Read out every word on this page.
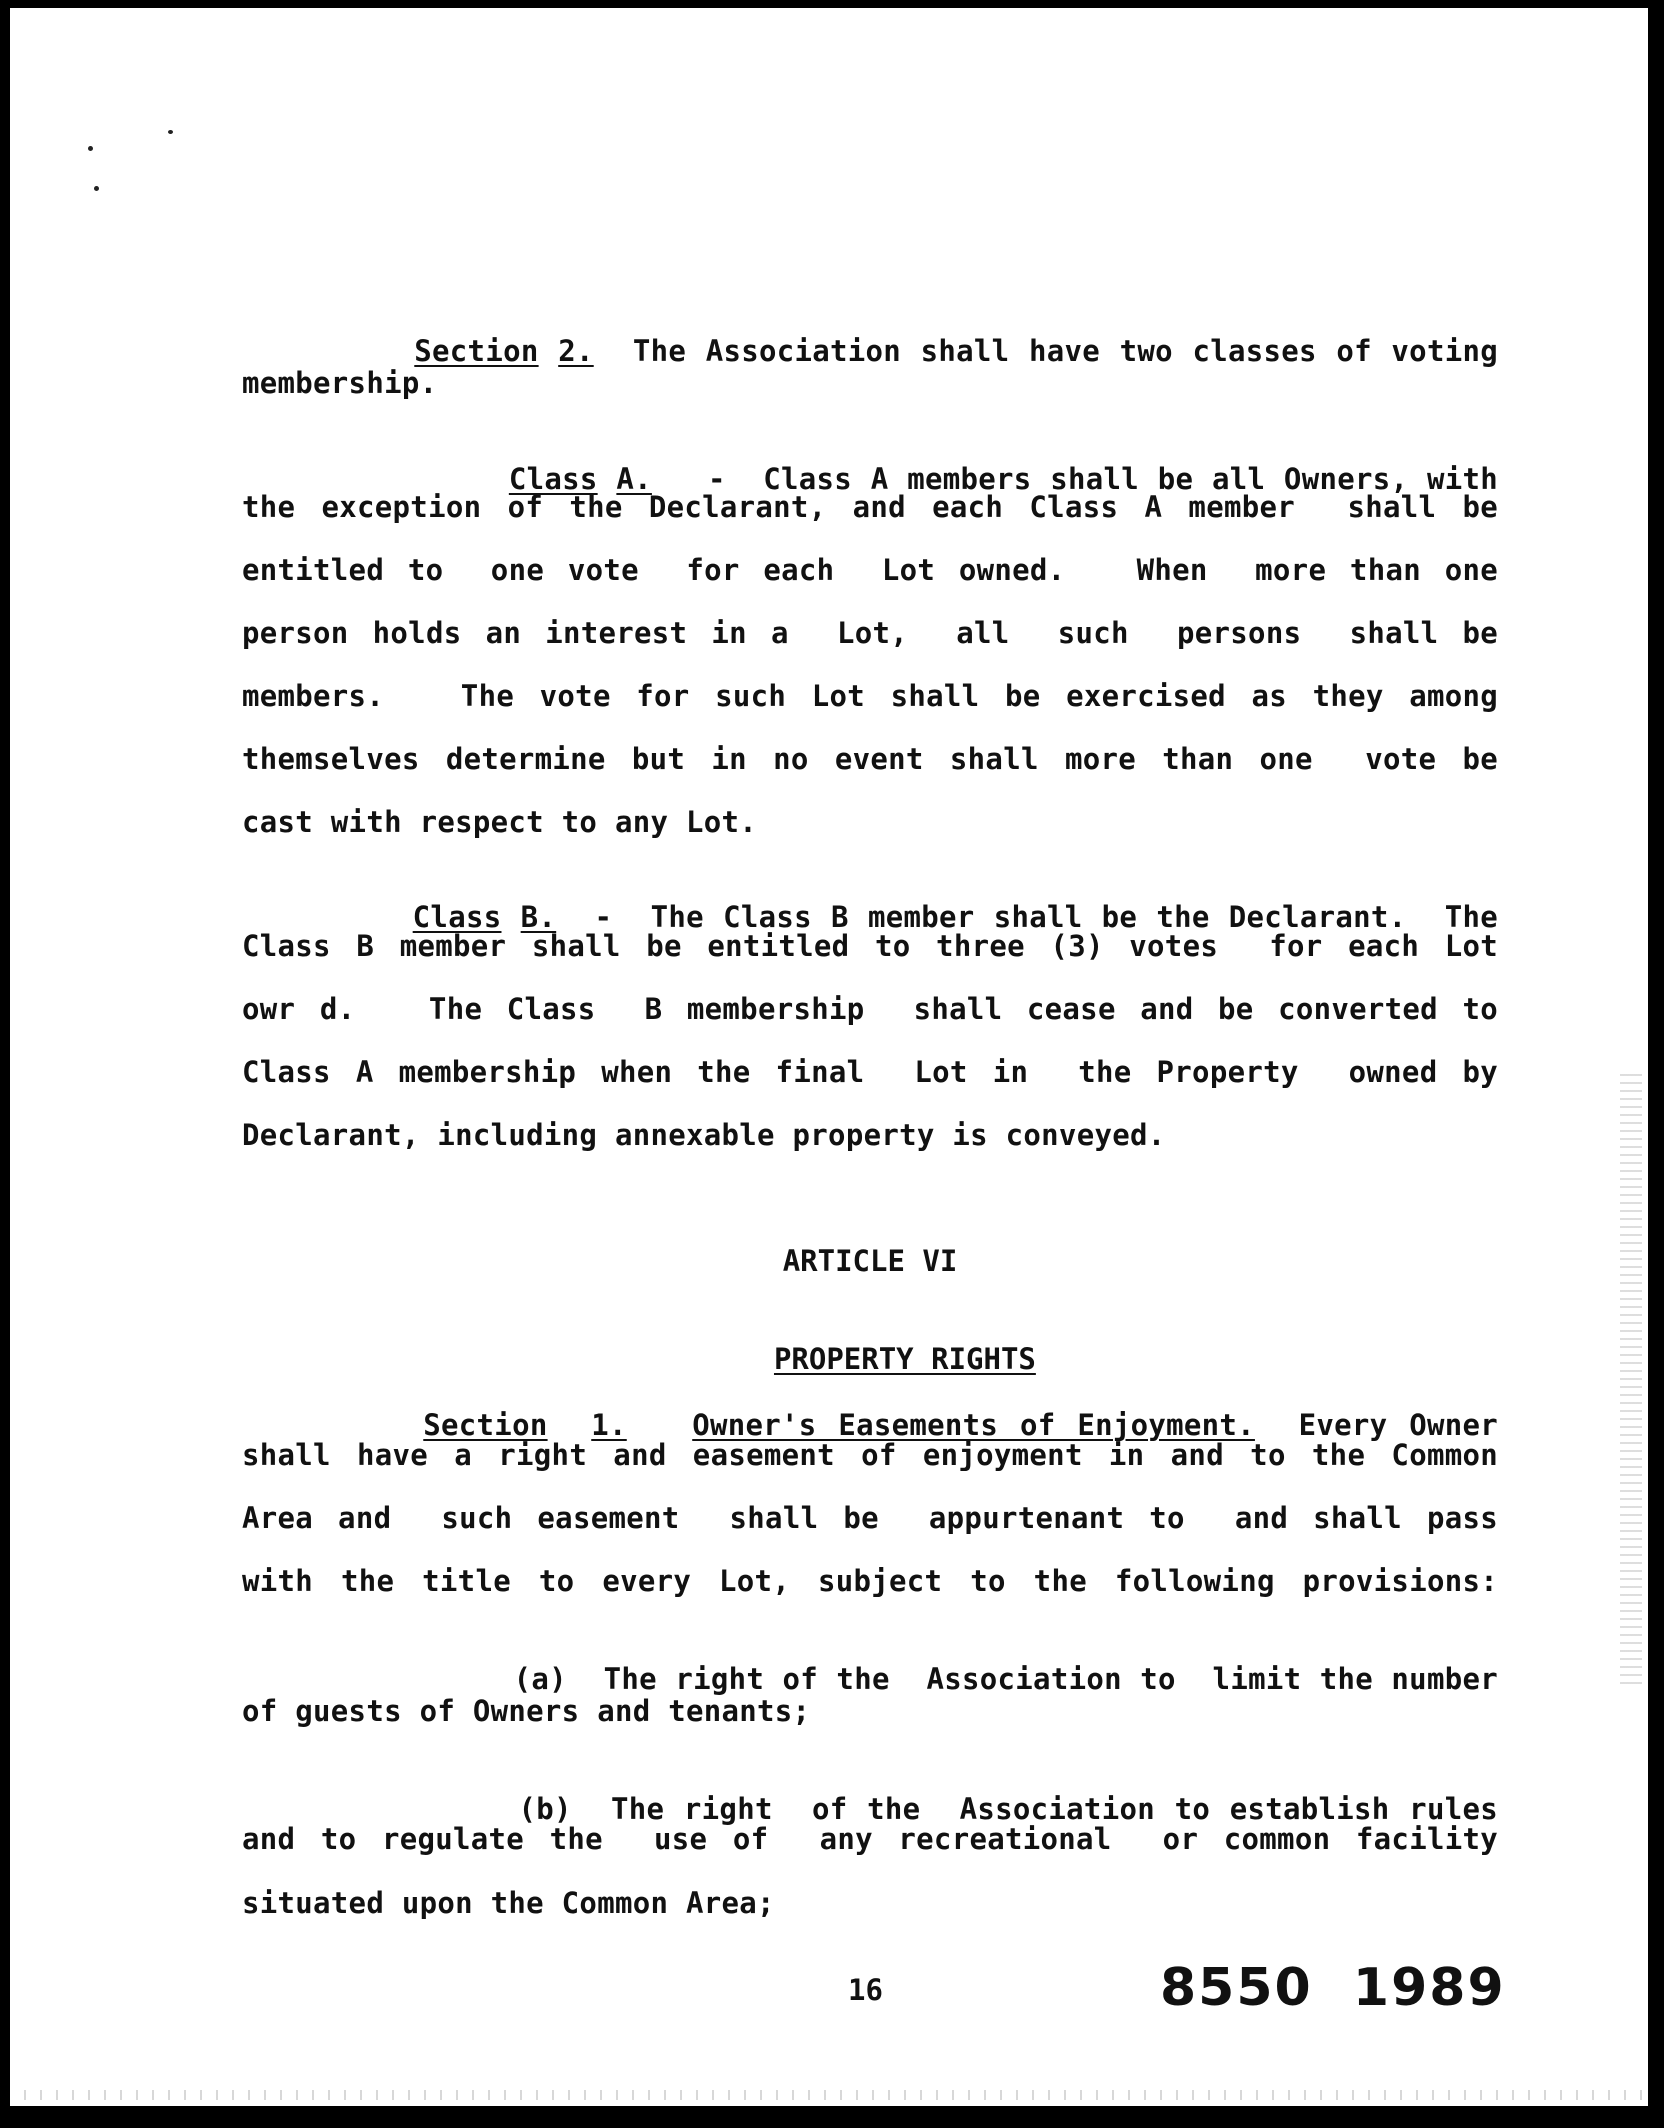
Section 2. The Association shall have two classes of voting

membership.

Class A. - Class A members shall be all Owners, with

the exception of the Declarant, and each Class A member  shall be
entitled to  one vote  for each  Lot owned.   When  more than one
person holds an interest in a  Lot,  all  such  persons  shall be
members.   The vote for such Lot shall be exercised as they among
themselves determine but in no event shall more than one  vote be
cast with respect to any Lot.

Class B. - The Class B member shall be the Declarant.  The

Class B member shall be entitled to three (3) votes  for each Lot
owr d.   The Class  B membership  shall cease and be converted to
Class A membership when the final  Lot in  the Property  owned by
Declarant, including annexable property is conveyed.
ARTICLE VI

PROPERTY RIGHTS

Section 1. Owner's Easements of Enjoyment. Every Owner

shall have a right and easement of enjoyment in and to the Common
Area and  such easement  shall be  appurtenant to  and shall pass
with the title to every Lot, subject to the following provisions:

(a) The right of the  Association to  limit the number

of guests of Owners and tenants;

(b) The right  of the  Association to establish rules

and to regulate the  use of  any recreational  or common facility
situated upon the Common Area;
16	8550  1989
